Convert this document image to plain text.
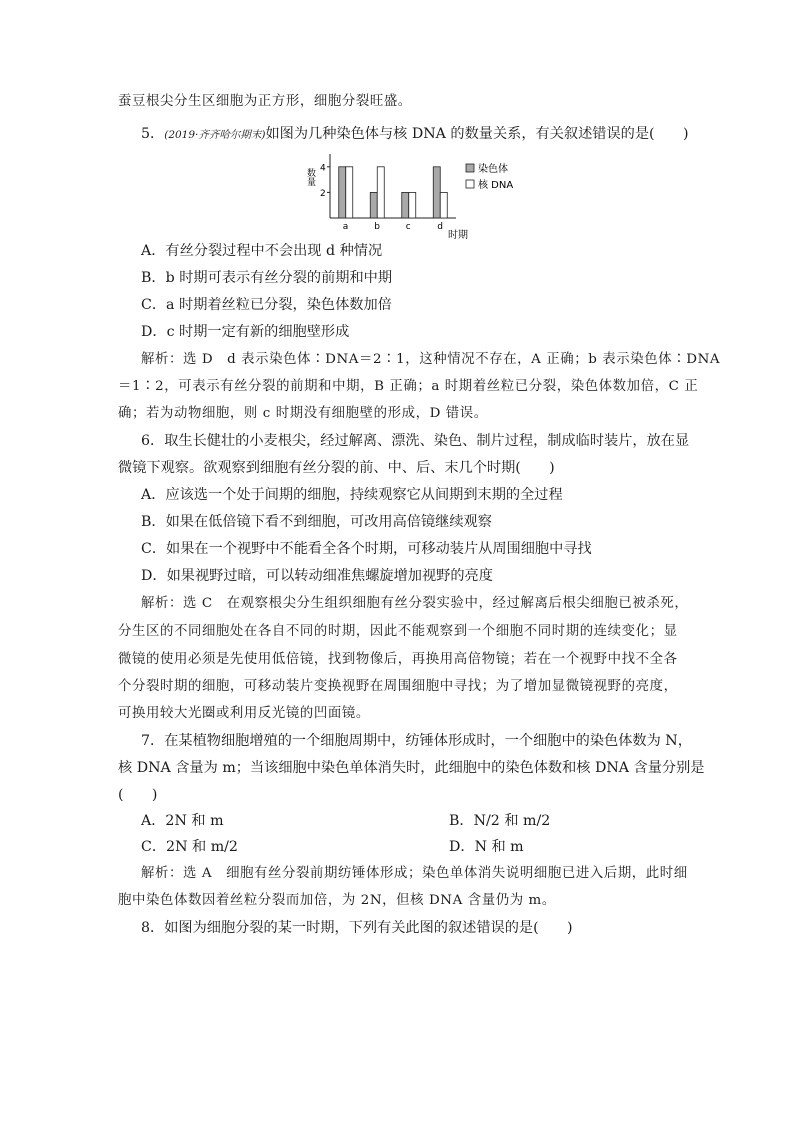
蚕豆根尖分生区细胞为正方形，细胞分裂旺盛。
5．(2019·齐齐哈尔期末)如图为几种染色体与核 DNA 的数量关系，有关叙述错误的是(　　)
2
4
a	b	c	d
数量
时期
染色体
核 DNA
A．有丝分裂过程中不会出现 d 种情况
B．b 时期可表示有丝分裂的前期和中期
C．a 时期着丝粒已分裂，染色体数加倍
D．c 时期一定有新的细胞壁形成
解析：选 D　d 表示染色体∶DNA＝2∶1，这种情况不存在，A 正确；b 表示染色体∶DNA
＝1∶2，可表示有丝分裂的前期和中期，B 正确；a 时期着丝粒已分裂，染色体数加倍，C 正
确；若为动物细胞，则 c 时期没有细胞壁的形成，D 错误。
6．取生长健壮的小麦根尖，经过解离、漂洗、染色、制片过程，制成临时装片，放在显
微镜下观察。欲观察到细胞有丝分裂的前、中、后、末几个时期(　　)
A．应该选一个处于间期的细胞，持续观察它从间期到末期的全过程
B．如果在低倍镜下看不到细胞，可改用高倍镜继续观察
C．如果在一个视野中不能看全各个时期，可移动装片从周围细胞中寻找
D．如果视野过暗，可以转动细准焦螺旋增加视野的亮度
解析：选 C　在观察根尖分生组织细胞有丝分裂实验中，经过解离后根尖细胞已被杀死，
分生区的不同细胞处在各自不同的时期，因此不能观察到一个细胞不同时期的连续变化；显
微镜的使用必须是先使用低倍镜，找到物像后，再换用高倍物镜；若在一个视野中找不全各
个分裂时期的细胞，可移动装片变换视野在周围细胞中寻找；为了增加显微镜视野的亮度，
可换用较大光圈或利用反光镜的凹面镜。
7．在某植物细胞增殖的一个细胞周期中，纺锤体形成时，一个细胞中的染色体数为 N，
核 DNA 含量为 m；当该细胞中染色单体消失时，此细胞中的染色体数和核 DNA 含量分别是
(　　)
A．2N 和 m	B．N/2 和 m/2
C．2N 和 m/2	D．N 和 m
解析：选 A　细胞有丝分裂前期纺锤体形成；染色单体消失说明细胞已进入后期，此时细
胞中染色体数因着丝粒分裂而加倍，为 2N，但核 DNA 含量仍为 m。
8．如图为细胞分裂的某一时期，下列有关此图的叙述错误的是(　　)
